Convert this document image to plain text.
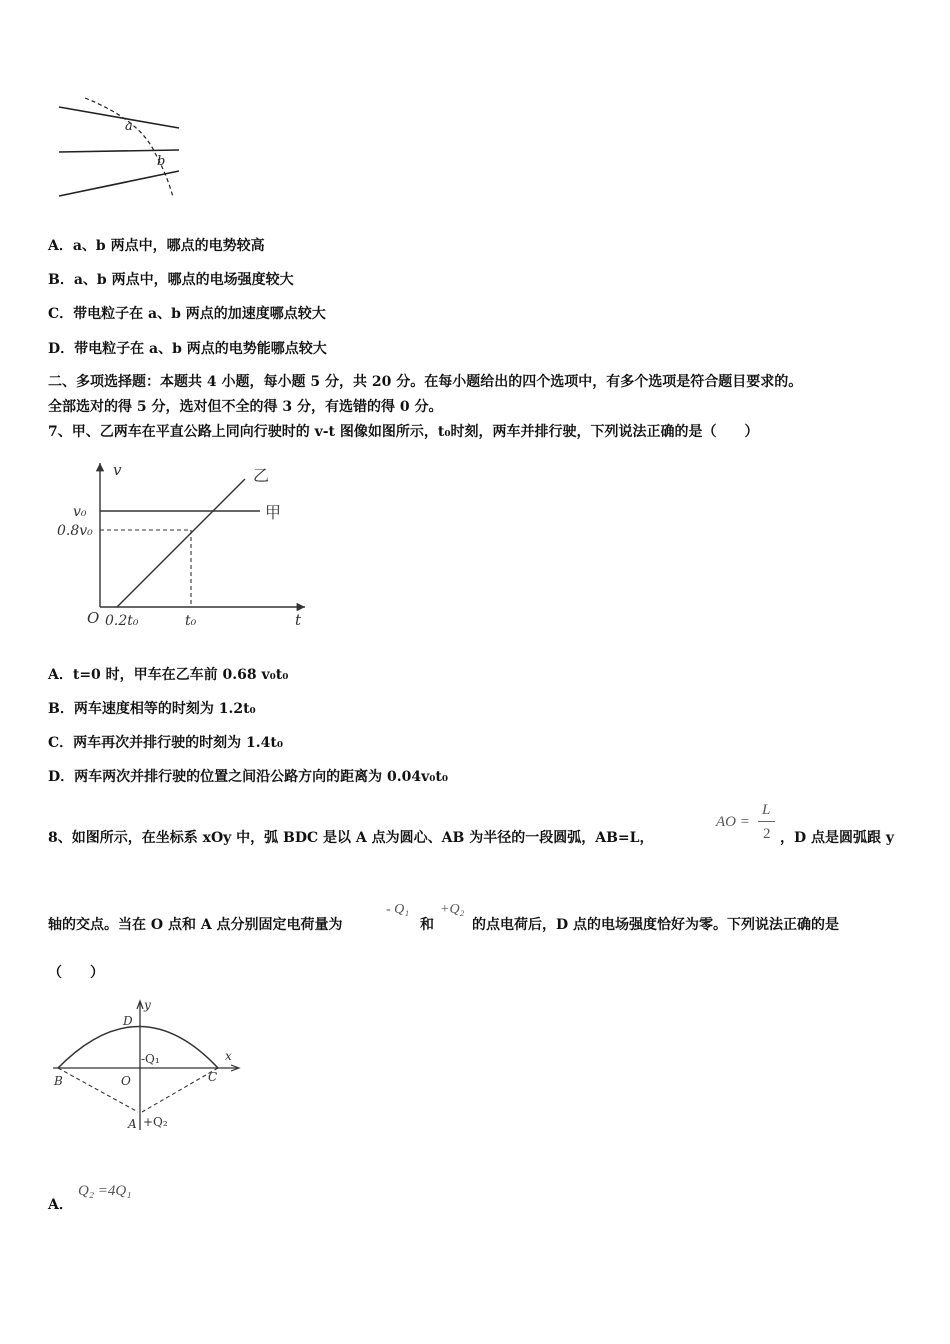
a
b
A．a、b 两点中，哪点的电势较高
B．a、b 两点中，哪点的电场强度较大
C．带电粒子在 a、b 两点的加速度哪点较大
D．带电粒子在 a、b 两点的电势能哪点较大
二、多项选择题：本题共 4 小题，每小题 5 分，共 20 分。在每小题给出的四个选项中，有多个选项是符合题目要求的。
全部选对的得 5 分，选对但不全的得 3 分，有选错的得 0 分。
7、甲、乙两车在平直公路上同向行驶时的 v-t 图像如图所示，t₀时刻，两车并排行驶，下列说法正确的是（　　）
v
t
O
v₀
0.8v₀
0.2t₀	t₀
乙
甲
A．t=0 时，甲车在乙车前 0.68 v₀t₀
B．两车速度相等的时刻为 1.2t₀
C．两车再次并排行驶的时刻为 1.4t₀
D．两车两次并排行驶的位置之间沿公路方向的距离为 0.04v₀t₀
8、如图所示，在坐标系 xOy 中，弧 BDC 是以 A 点为圆心、AB 为半径的一段圆弧，AB=L，
AO =
L
2 ，D 点是圆弧跟 y
轴的交点。当在 O 点和 A 点分别固定电荷量为
- Q₁
和
+Q₂
的点电荷后，D 点的电场强度恰好为零。下列说法正确的是
（　　）
D
y
x
-Q₁
B	O	C
A +Q₂
A．
Q₂ =4Q₁
